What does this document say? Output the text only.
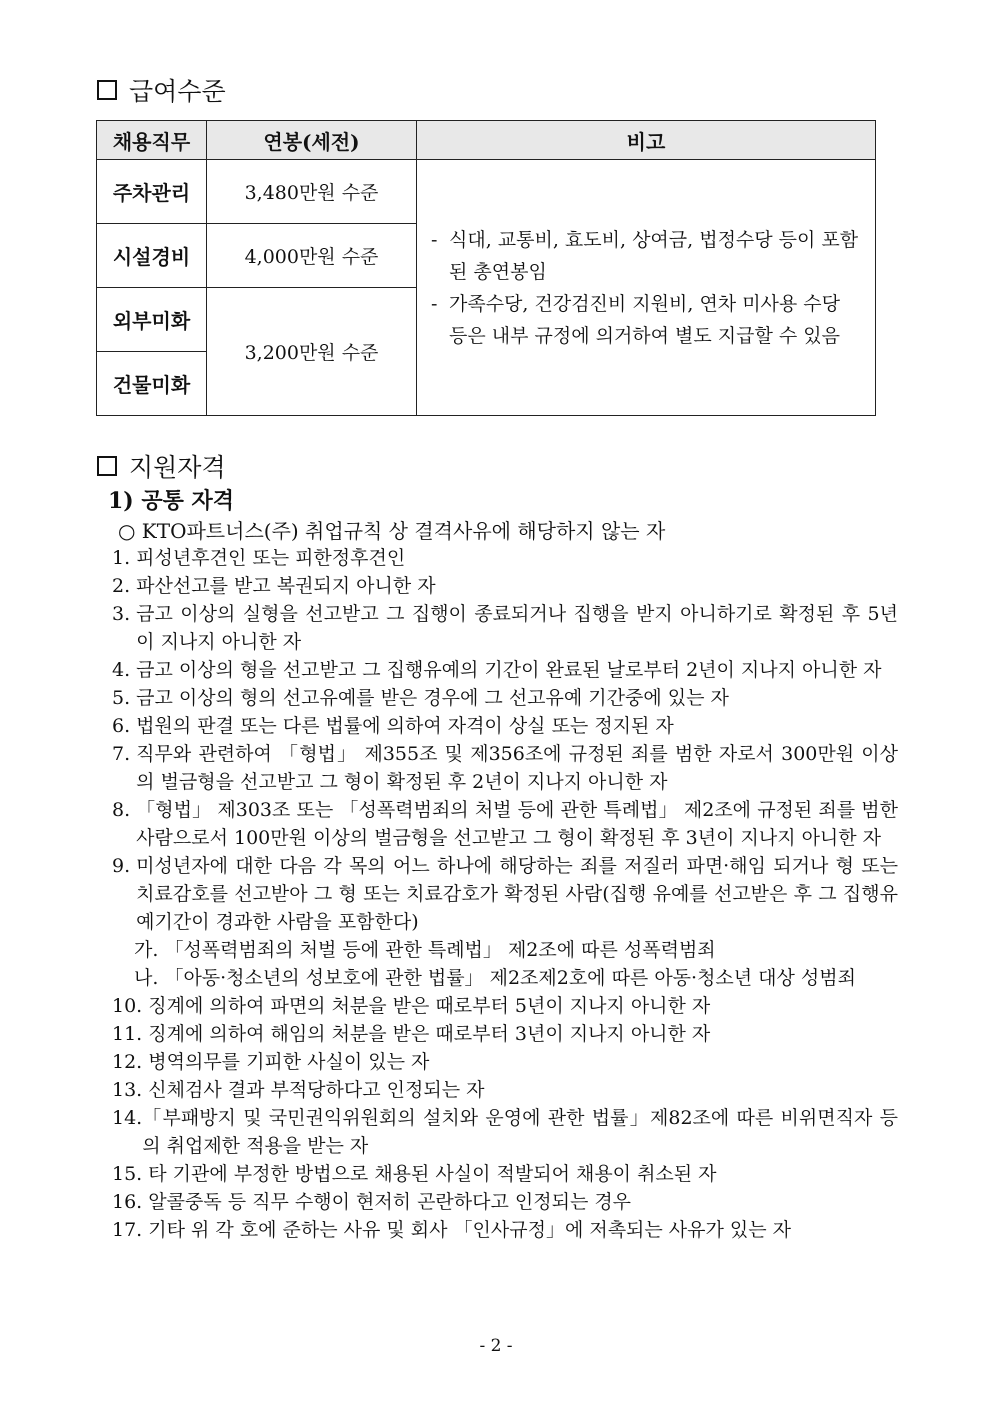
급여수준
채용직무	연봉(세전)	비고
주차관리	3,480만원 수준	- 식대, 교통비, 효도비, 상여금, 법정수당 등이 포함된 총연봉임
- 가족수당, 건강검진비 지원비, 연차 미사용 수당 등은 내부 규정에 의거하여 별도 지급할 수 있음

시설경비	4,000만원 수준	
외부미화	3,200만원 수준	
건물미화		
지원자격
1) 공통 자격
○ KTO파트너스(주) 취업규칙 상 결격사유에 해당하지 않는 자
1. 피성년후견인 또는 피한정후견인
2. 파산선고를 받고 복권되지 아니한 자
3. 금고 이상의 실형을 선고받고 그 집행이 종료되거나 집행을 받지 아니하기로 확정된 후 5년이 지나지 아니한 자
4. 금고 이상의 형을 선고받고 그 집행유예의 기간이 완료된 날로부터 2년이 지나지 아니한 자
5. 금고 이상의 형의 선고유예를 받은 경우에 그 선고유예 기간중에 있는 자
6. 법원의 판결 또는 다른 법률에 의하여 자격이 상실 또는 정지된 자
7. 직무와 관련하여 「형법」 제355조 및 제356조에 규정된 죄를 범한 자로서 300만원 이상의 벌금형을 선고받고 그 형이 확정된 후 2년이 지나지 아니한 자
8. 「형법」 제303조 또는 「성폭력범죄의 처벌 등에 관한 특례법」 제2조에 규정된 죄를 범한 사람으로서 100만원 이상의 벌금형을 선고받고 그 형이 확정된 후 3년이 지나지 아니한 자
9. 미성년자에 대한 다음 각 목의 어느 하나에 해당하는 죄를 저질러 파면·해임 되거나 형 또는 치료감호를 선고받아 그 형 또는 치료감호가 확정된 사람(집행 유예를 선고받은 후 그 집행유예기간이 경과한 사람을 포함한다)
가. 「성폭력범죄의 처벌 등에 관한 특례법」 제2조에 따른 성폭력범죄
나. 「아동·청소년의 성보호에 관한 법률」 제2조제2호에 따른 아동·청소년 대상 성범죄
10. 징계에 의하여 파면의 처분을 받은 때로부터 5년이 지나지 아니한 자
11. 징계에 의하여 해임의 처분을 받은 때로부터 3년이 지나지 아니한 자
12. 병역의무를 기피한 사실이 있는 자
13. 신체검사 결과 부적당하다고 인정되는 자
14. 「부패방지 및 국민권익위원회의 설치와 운영에 관한 법률」제82조에 따른 비위면직자 등의 취업제한 적용을 받는 자
15. 타 기관에 부정한 방법으로 채용된 사실이 적발되어 채용이 취소된 자
16. 알콜중독 등 직무 수행이 현저히 곤란하다고 인정되는 경우
17. 기타 위 각 호에 준하는 사유 및 회사 「인사규정」에 저촉되는 사유가 있는 자
- 2 -
